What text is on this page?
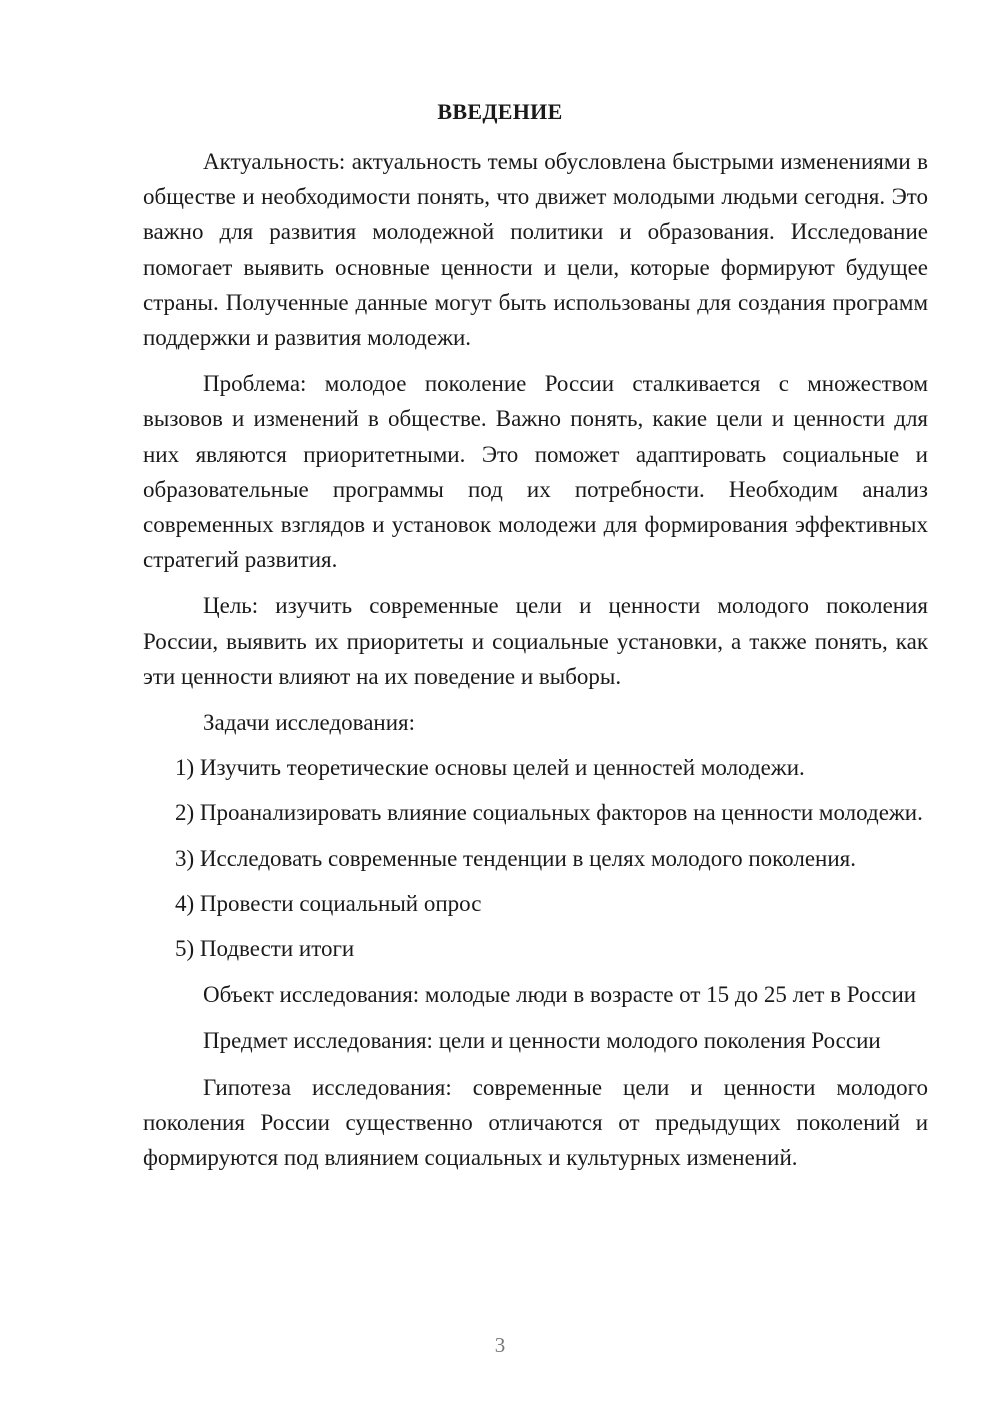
ВВЕДЕНИЕ

Актуальность: актуальность темы обусловлена быстрыми изменениями в обществе и необходимости понять, что движет молодыми людьми сегодня. Это важно для развития молодежной политики и образования. Исследование помогает выявить основные ценности и цели, которые формируют будущее страны. Полученные данные могут быть использованы для создания программ поддержки и развития молодежи.

Проблема: молодое поколение России сталкивается с множеством вызовов и изменений в обществе. Важно понять, какие цели и ценности для них являются приоритетными. Это поможет адаптировать социальные и образовательные программы под их потребности. Необходим анализ современных взглядов и установок молодежи для формирования эффективных стратегий развития.

Цель: изучить современные цели и ценности молодого поколения России, выявить их приоритеты и социальные установки, а также понять, как эти ценности влияют на их поведение и выборы.

Задачи исследования:

1) Изучить теоретические основы целей и ценностей молодежи.

2) Проанализировать влияние социальных факторов на ценности молодежи.

3) Исследовать современные тенденции в целях молодого поколения.

4) Провести социальный опрос

5) Подвести итоги

Объект исследования: молодые люди в возрасте от 15 до 25 лет в России

Предмет исследования: цели и ценности молодого поколения России

Гипотеза исследования: современные цели и ценности молодого поколения России существенно отличаются от предыдущих поколений и формируются под влиянием социальных и культурных изменений.

3
